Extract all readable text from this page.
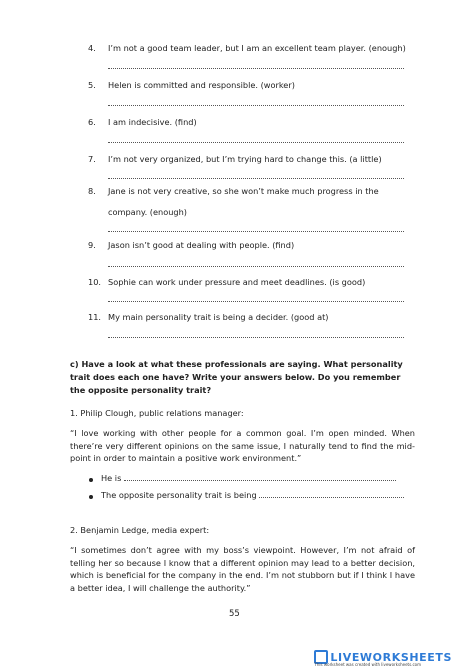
4. I’m not a good team leader, but I am an excellent team player. (enough)
5. Helen is committed and responsible. (worker)
6. I am indecisive. (find)
7. I’m not very organized, but I’m trying hard to change this. (a little)
8. Jane is not very creative, so she won’t make much progress in the
company. (enough)
9. Jason isn’t good at dealing with people. (find)
10. Sophie can work under pressure and meet deadlines. (is good)
11. My main personality trait is being a decider. (good at)
c) Have a look at what these professionals are saying. What personality trait does each one have? Write your answers below. Do you remember the opposite personality trait?
1. Philip Clough, public relations manager:
“I love working with other people for a common goal. I’m open minded. When there’re very different opinions on the same issue, I naturally tend to find the mid-point in order to maintain a positive work environment.”
He is
The opposite personality trait is being
2. Benjamin Ledge, media expert:
“I sometimes don’t agree with my boss’s viewpoint. However, I’m not afraid of telling her so because I know that a different opinion may lead to a better decision, which is beneficial for the company in the end. I’m not stubborn but if I think I have a better idea, I will challenge the authority.”
55
LIVEWORKSHEETS
This worksheet was created with liveworksheets.com
